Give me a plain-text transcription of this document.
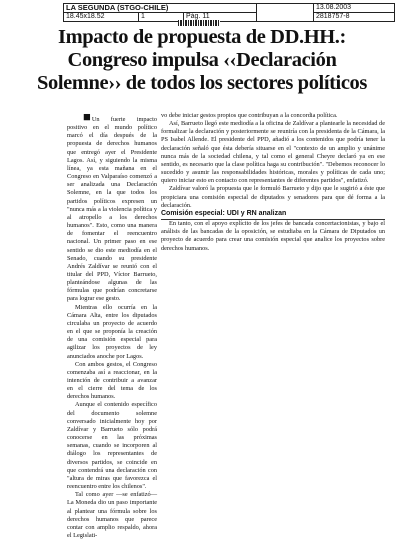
LA SEGUNDA (STGO-CHILE)		13.08.2003

18.45x18.52	1	Pág. 11
			2818757-8
Impacto de propuesta de DD.HH.:
Congreso impulsa ‹‹Declaración
Solemne›› de todos los sectores políticos

■Un fuerte impacto positivo en el mundo político marcó el día después de la propuesta de derechos humanos que entregó ayer el Presidente Lagos. Así, y siguiendo la misma línea, ya esta mañana en el Congreso en Valparaíso comenzó a ser analizada una Declaración Solemne, en la que todos los partidos políticos expresen un "nunca más a la violencia política y al atropello a los derechos humanos". Esto, como una manera de fomentar el reencuentro nacional. Un primer paso en ese sentido se dio este mediodía en el Senado, cuando su presidente Andrés Zaldívar se reunió con el titular del PPD, Víctor Barrueto, planteándose algunas de las fórmulas que podrían concretarse para lograr ese gesto.

Mientras ello ocurría en la Cámara Alta, entre los diputados circulaba un proyecto de acuerdo en el que se proponía la creación de una comisión especial para agilizar los proyectos de ley anunciados anoche por Lagos.

Con ambos gestos, el Congreso comenzaba así a reaccionar, en la intención de contribuir a avanzar en el cierre del tema de los derechos humanos.

Aunque el contenido específico del documento solemne conversado inicialmente hoy por Zaldívar y Barrueto sólo podrá conocerse en las próximas semanas, cuando se incorporen al diálogo los representantes de diversos partidos, se coincide en que contendrá una declaración con "altura de miras que favorezca el reencuentro entre los chilenos".

Tal como ayer —se enfatizó— La Moneda dio un paso importante al plantear una fórmula sobre los derechos humanos que parece contar con amplio respaldo, ahora el Legislati-

vo debe iniciar gestos propios que contribuyan a la concordia política.

Así, Barrueto llegó este mediodía a la oficina de Zaldívar a plantearle la necesidad de formalizar la declaración y posteriormente se reuniría con la presidenta de la Cámara, la PS Isabel Allende. El presidente del PPD, añadió a los contenidos que podría tener la declaración señaló que ésta debería situarse en el "contexto de un amplio y unánime nunca más de la sociedad chilena, y tal como el general Cheyre declaró ya en ese sentido, es necesario que la clase política haga su contribución". "Debemos reconocer lo sucedido y asumir las responsabilidades históricas, morales y políticas de cada uno; quiero iniciar esto en contacto con representantes de diferentes partidos", enfatizó.

Zaldívar valoró la propuesta que le formuló Barrueto y dijo que le sugirió a éste que propiciara una comisión especial de diputados y senadores para que dé forma a la declaración.

Comisión especial: UDI y RN analizan

En tanto, con el apoyo explícito de los jefes de bancada concertacionistas, y bajo el análisis de las bancadas de la oposición, se estudiaba en la Cámara de Diputados un proyecto de acuerdo para crear una comisión especial que analice los proyectos sobre derechos humanos.
